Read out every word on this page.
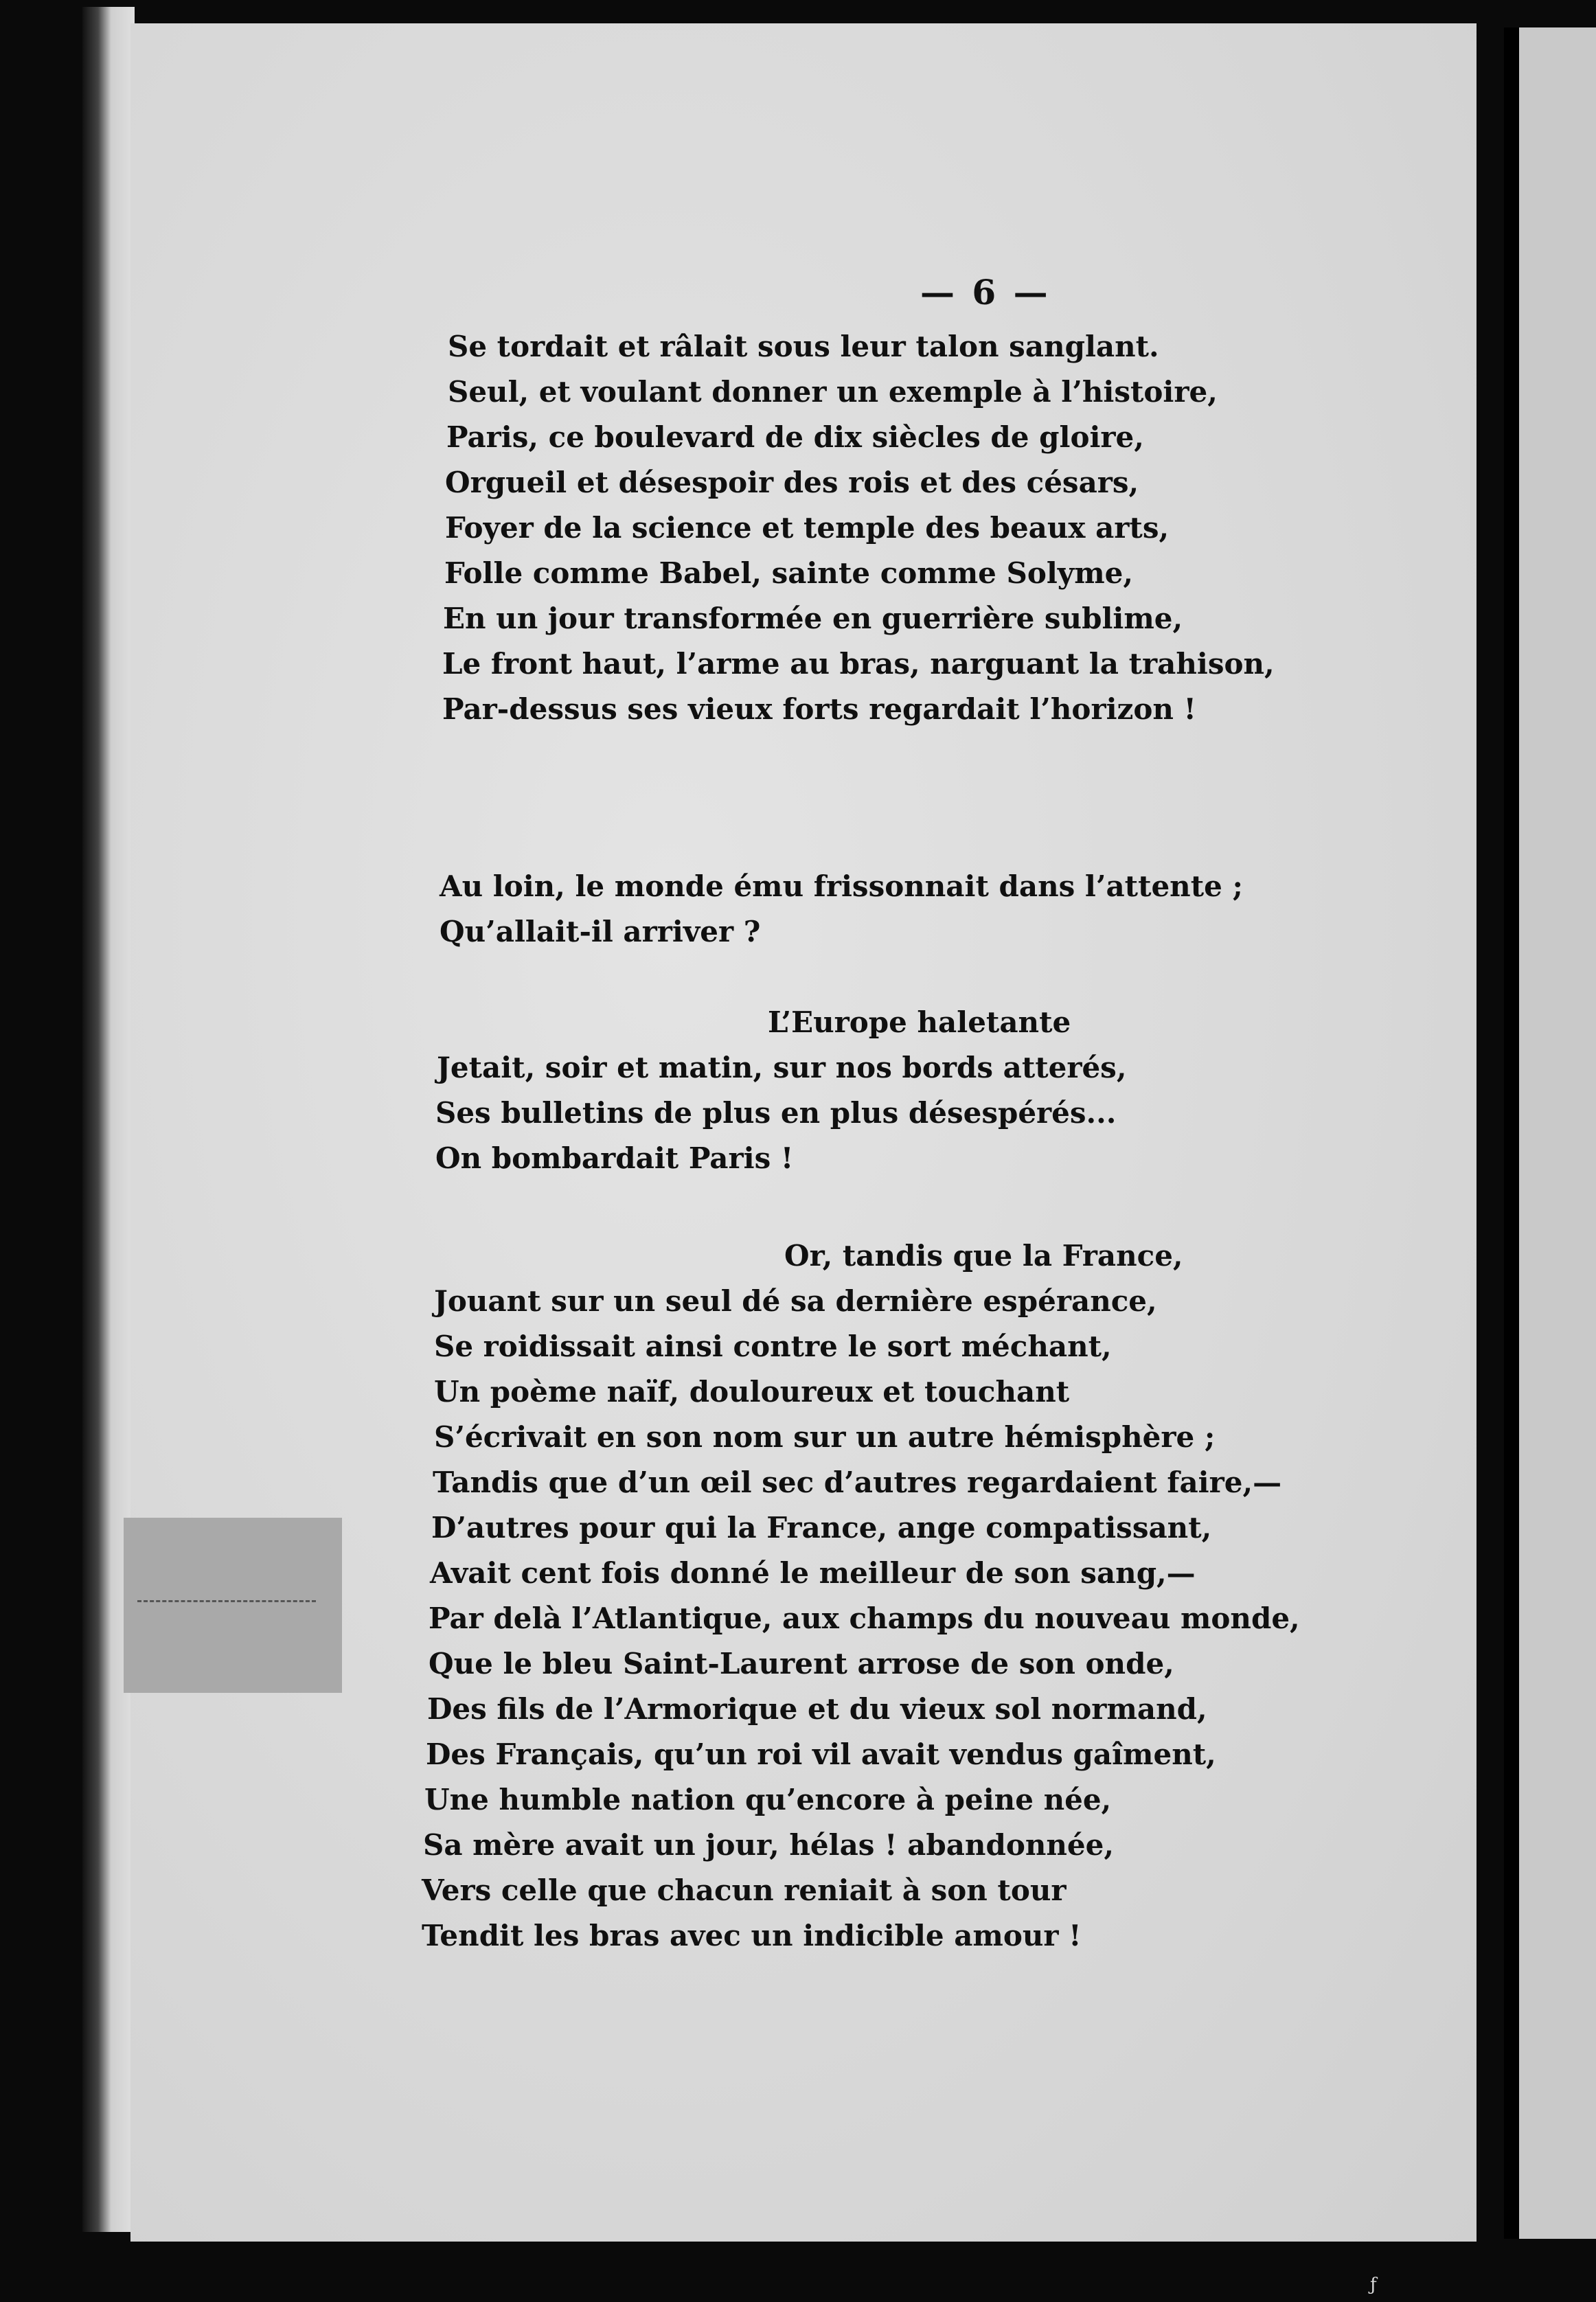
— 6 —
Se tordait et râlait sous leur talon sanglant.
Seul, et voulant donner un exemple à l’histoire,
Paris, ce boulevard de dix siècles de gloire,
Orgueil et désespoir des rois et des césars,
Foyer de la science et temple des beaux arts,
Folle comme Babel, sainte comme Solyme,
En un jour transformée en guerrière sublime,
Le front haut, l’arme au bras, narguant la trahison,
Par-dessus ses vieux forts regardait l’horizon !
Au loin, le monde ému frissonnait dans l’attente ;
Qu’allait-il arriver ?
L’Europe haletante
Jetait, soir et matin, sur nos bords atterés,
Ses bulletins de plus en plus désespérés...
On bombardait Paris !
Or, tandis que la France,
Jouant sur un seul dé sa dernière espérance,
Se roidissait ainsi contre le sort méchant,
Un poème naïf, douloureux et touchant
S’écrivait en son nom sur un autre hémisphère ;
Tandis que d’un œil sec d’autres regardaient faire,—
D’autres pour qui la France, ange compatissant,
Avait cent fois donné le meilleur de son sang,—
Par delà l’Atlantique, aux champs du nouveau monde,
Que le bleu Saint-Laurent arrose de son onde,
Des fils de l’Armorique et du vieux sol normand,
Des Français, qu’un roi vil avait vendus gaîment,
Une humble nation qu’encore à peine née,
Sa mère avait un jour, hélas ! abandonnée,
Vers celle que chacun reniait à son tour
Tendit les bras avec un indicible amour !
ƒ
